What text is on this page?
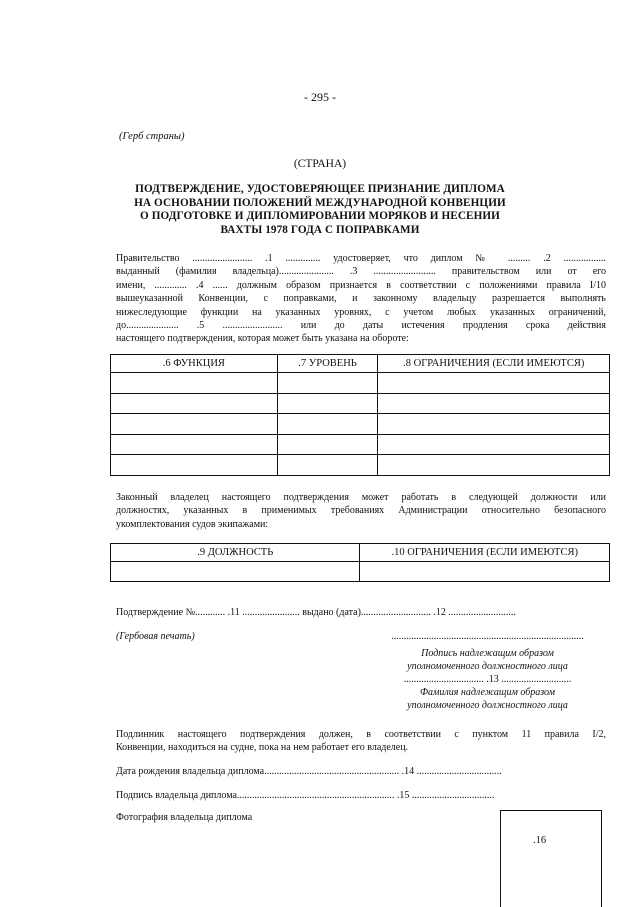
- 295 -
(Герб страны)
(СТРАНА)
ПОДТВЕРЖДЕНИЕ, УДОСТОВЕРЯЮЩЕЕ ПРИЗНАНИЕ ДИПЛОМА
НА ОСНОВАНИИ ПОЛОЖЕНИЙ МЕЖДУНАРОДНОЙ КОНВЕНЦИИ
О ПОДГОТОВКЕ И ДИПЛОМИРОВАНИИ МОРЯКОВ И НЕСЕНИИ
ВАХТЫ 1978 ГОДА С ПОПРАВКАМИ
Правительство ........................ .1 .............. удостоверяет, что диплом № ......... .2 .................
выданный (фамилия владельца)...................... .3 ......................... правительством или от его
имени, ............. .4 ...... должным образом признается в соответствии с положениями правила I/10
вышеуказанной Конвенции, с поправками, и законному владельцу разрешается выполнять
нижеследующие функции на указанных уровнях, с учетом любых указанных ограничений,
до..................... .5 ........................ или до даты истечения продления срока действия
настоящего подтверждения, которая может быть указана на обороте:
.6 ФУНКЦИЯ	.7 УРОВЕНЬ	.8 ОГРАНИЧЕНИЯ (ЕСЛИ ИМЕЮТСЯ)

Законный владелец настоящего подтверждения может работать в следующей должности или
должностях, указанных в применимых требованиях Администрации относительно безопасного
укомплектования судов экипажами:
.9 ДОЛЖНОСТЬ	.10 ОГРАНИЧЕНИЯ (ЕСЛИ ИМЕЮТСЯ)

Подтверждение №............ .11 ....................... выдано (дата)............................ .12 ...........................
(Гербовая печать)	.............................................................................
Подпись надлежащим образом
уполномоченного должностного лица
................................ .13 ............................
Фамилия надлежащим образом
уполномоченного должностного лица
Подлинник настоящего подтверждения должен, в соответствии с пунктом 11 правила I/2,
Конвенции, находиться на судне, пока на нем работает его владелец.
Дата рождения владельца диплома...................................................... .14 ..................................
Подпись владельца диплома............................................................... .15 .................................
Фотография владельца диплома
.16
